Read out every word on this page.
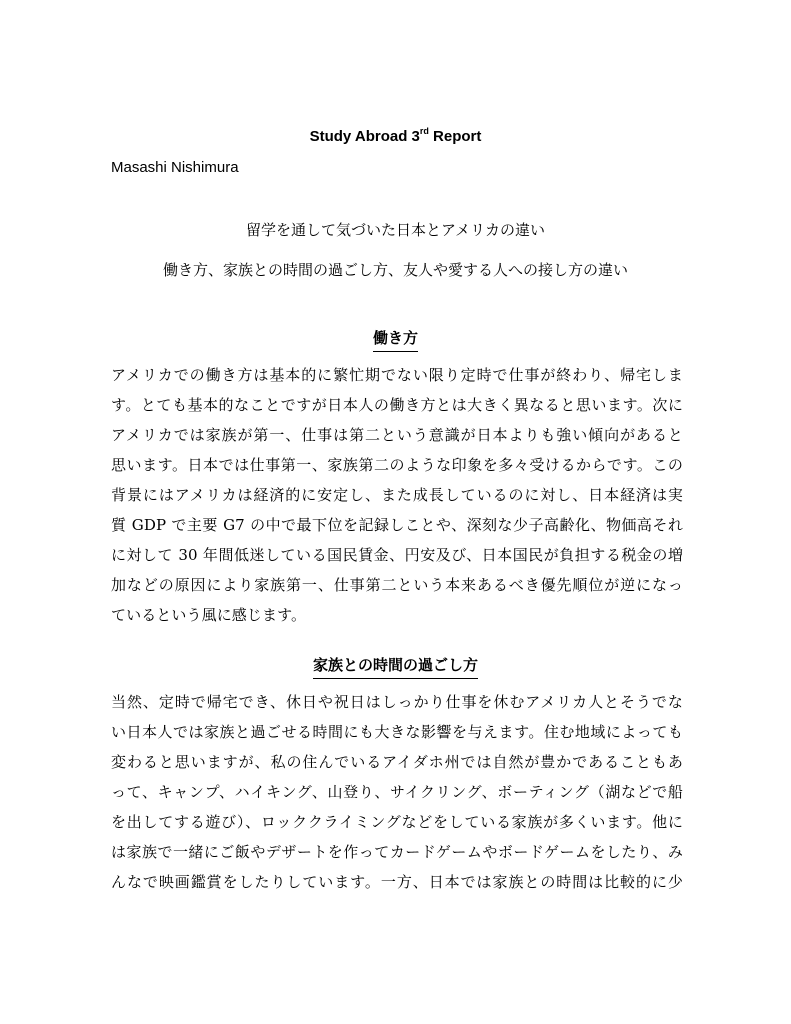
Study Abroad 3rd Report
Masashi Nishimura
留学を通して気づいた日本とアメリカの違い
働き方、家族との時間の過ごし方、友人や愛する人への接し方の違い
働き方
アメリカでの働き方は基本的に繁忙期でない限り定時で仕事が終わり、帰宅しま
す。とても基本的なことですが日本人の働き方とは大きく異なると思います。次に
アメリカでは家族が第一、仕事は第二という意識が日本よりも強い傾向があると
思います。日本では仕事第一、家族第二のような印象を多々受けるからです。この
背景にはアメリカは経済的に安定し、また成長しているのに対し、日本経済は実
質 GDP で主要 G7 の中で最下位を記録しことや、深刻な少子高齢化、物価高それ
に対して 30 年間低迷している国民賃金、円安及び、日本国民が負担する税金の増
加などの原因により家族第一、仕事第二という本来あるべき優先順位が逆になっ
ているという風に感じます。
家族との時間の過ごし方
当然、定時で帰宅でき、休日や祝日はしっかり仕事を休むアメリカ人とそうでな
い日本人では家族と過ごせる時間にも大きな影響を与えます。住む地域によっても
変わると思いますが、私の住んでいるアイダホ州では自然が豊かであることもあ
って、キャンプ、ハイキング、山登り、サイクリング、ボーティング（湖などで船
を出してする遊び）、ロッククライミングなどをしている家族が多くいます。他に
は家族で一緒にご飯やデザートを作ってカードゲームやボードゲームをしたり、み
んなで映画鑑賞をしたりしています。一方、日本では家族との時間は比較的に少
